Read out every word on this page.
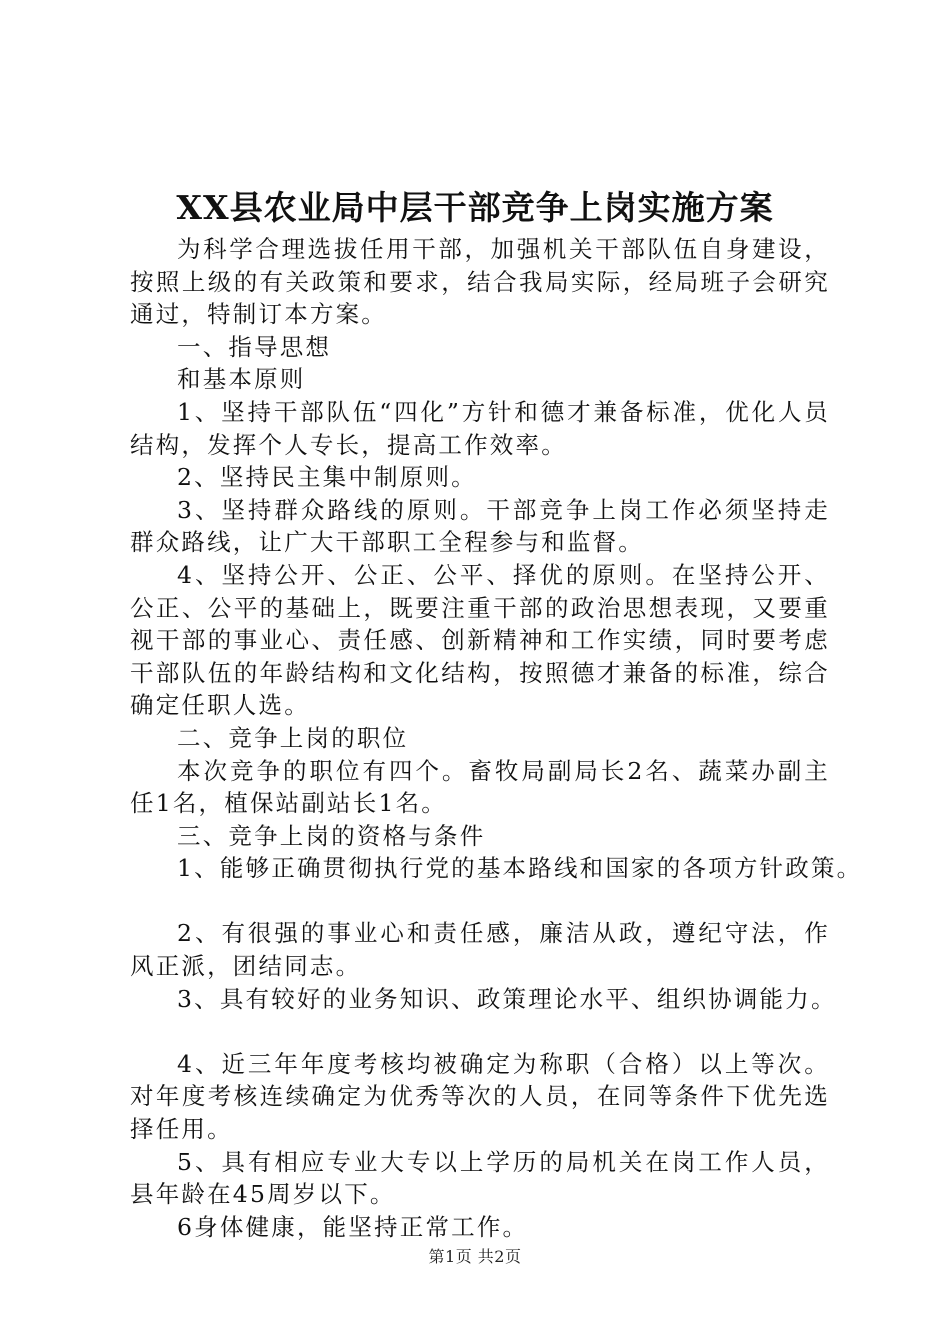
XX县农业局中层干部竞争上岗实施方案

为科学合理选拔任用干部，加强机关干部队伍自身建设，按照上级的有关政策和要求，结合我局实际，经局班子会研究通过，特制订本方案。

一、指导思想

和基本原则

1、坚持干部队伍“四化”方针和德才兼备标准，优化人员结构，发挥个人专长，提高工作效率。

2、坚持民主集中制原则。

3、坚持群众路线的原则。干部竞争上岗工作必须坚持走群众路线，让广大干部职工全程参与和监督。

4、坚持公开、公正、公平、择优的原则。在坚持公开、公正、公平的基础上，既要注重干部的政治思想表现，又要重视干部的事业心、责任感、创新精神和工作实绩，同时要考虑干部队伍的年龄结构和文化结构，按照德才兼备的标准，综合确定任职人选。

二、竞争上岗的职位

本次竞争的职位有四个。畜牧局副局长2名、蔬菜办副主任1名，植保站副站长1名。

三、竞争上岗的资格与条件

1、能够正确贯彻执行党的基本路线和国家的各项方针政策。

2、有很强的事业心和责任感，廉洁从政，遵纪守法，作风正派，团结同志。

3、具有较好的业务知识、政策理论水平、组织协调能力。

4、近三年年度考核均被确定为称职（合格）以上等次。对年度考核连续确定为优秀等次的人员，在同等条件下优先选择任用。

5、具有相应专业大专以上学历的局机关在岗工作人员，县年龄在45周岁以下。

6身体健康，能坚持正常工作。

第1页 共2页
